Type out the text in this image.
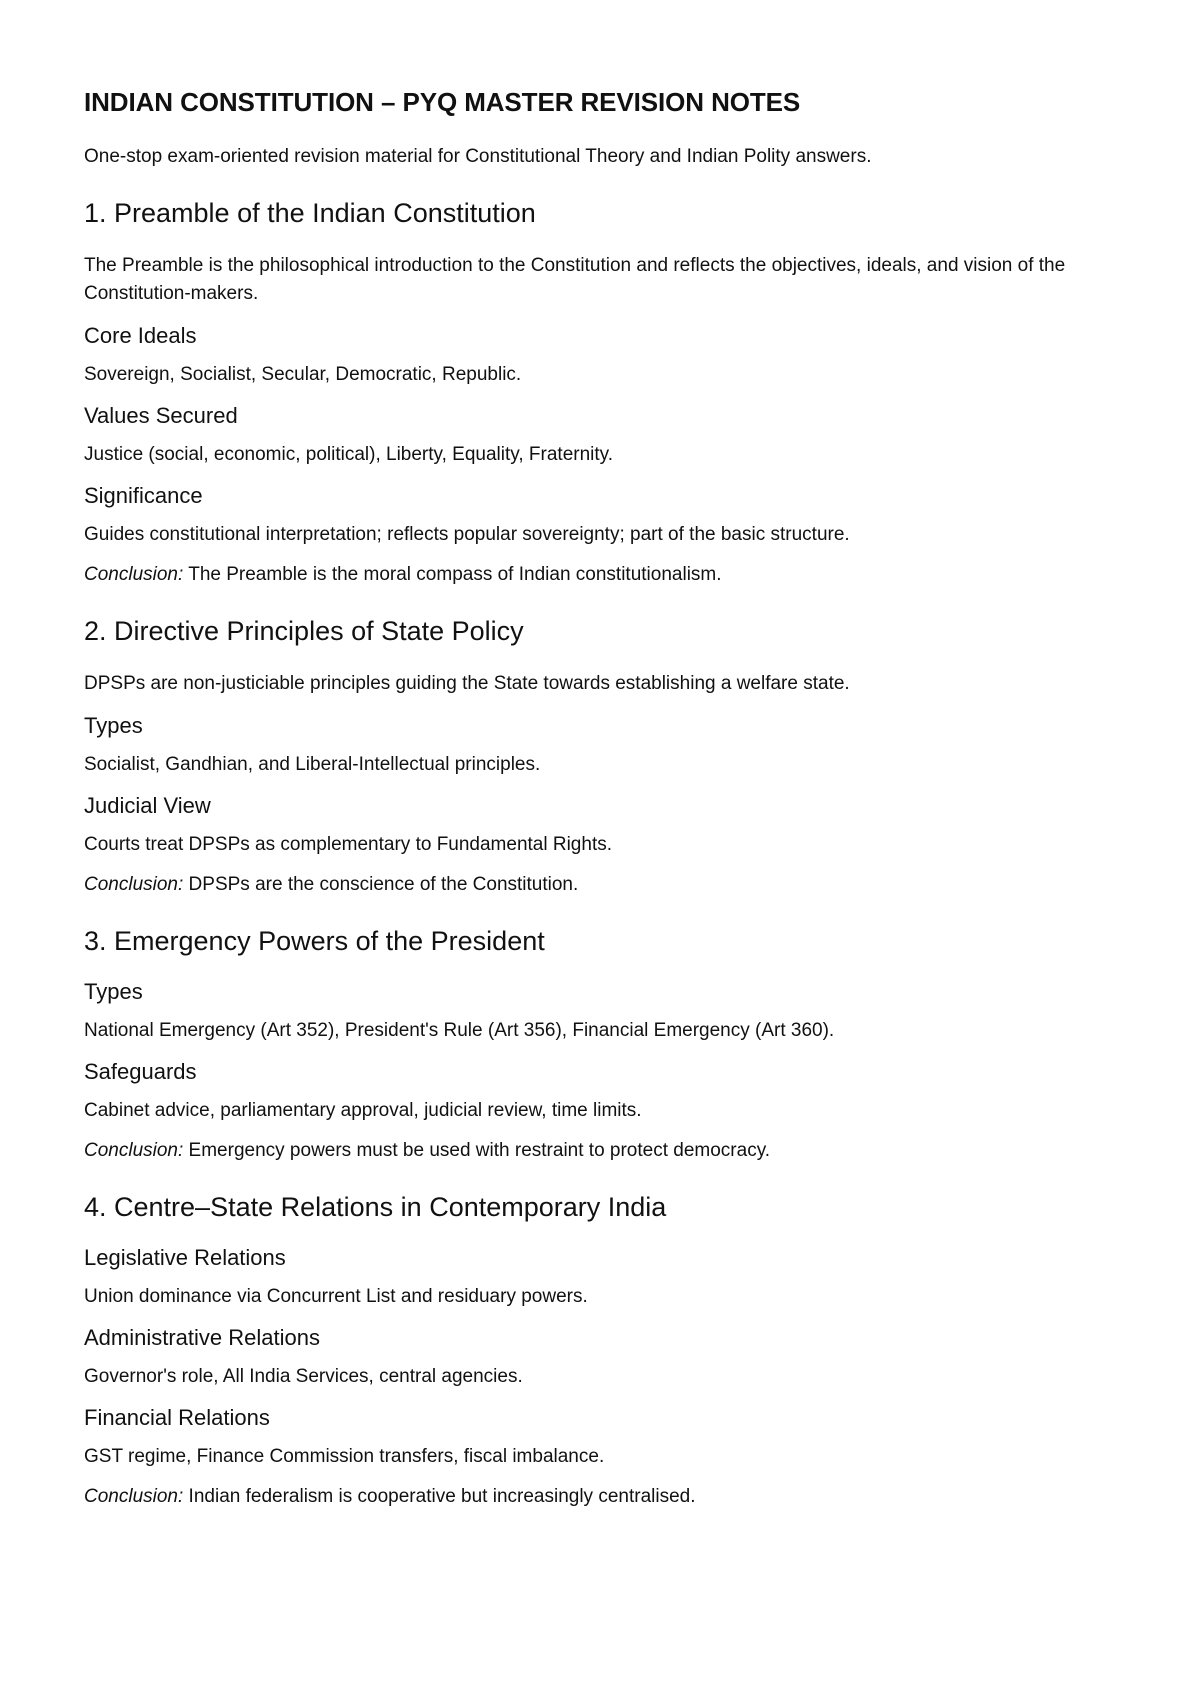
INDIAN CONSTITUTION – PYQ MASTER REVISION NOTES

One-stop exam-oriented revision material for Constitutional Theory and Indian Polity answers.

1. Preamble of the Indian Constitution

The Preamble is the philosophical introduction to the Constitution and reflects the objectives, ideals, and vision of the Constitution-makers.

Core Ideals

Sovereign, Socialist, Secular, Democratic, Republic.

Values Secured

Justice (social, economic, political), Liberty, Equality, Fraternity.

Significance

Guides constitutional interpretation; reflects popular sovereignty; part of the basic structure.

Conclusion: The Preamble is the moral compass of Indian constitutionalism.

2. Directive Principles of State Policy

DPSPs are non-justiciable principles guiding the State towards establishing a welfare state.

Types

Socialist, Gandhian, and Liberal-Intellectual principles.

Judicial View

Courts treat DPSPs as complementary to Fundamental Rights.

Conclusion: DPSPs are the conscience of the Constitution.

3. Emergency Powers of the President
Types

National Emergency (Art 352), President's Rule (Art 356), Financial Emergency (Art 360).

Safeguards

Cabinet advice, parliamentary approval, judicial review, time limits.

Conclusion: Emergency powers must be used with restraint to protect democracy.

4. Centre–State Relations in Contemporary India
Legislative Relations

Union dominance via Concurrent List and residuary powers.

Administrative Relations

Governor's role, All India Services, central agencies.

Financial Relations

GST regime, Finance Commission transfers, fiscal imbalance.

Conclusion: Indian federalism is cooperative but increasingly centralised.
